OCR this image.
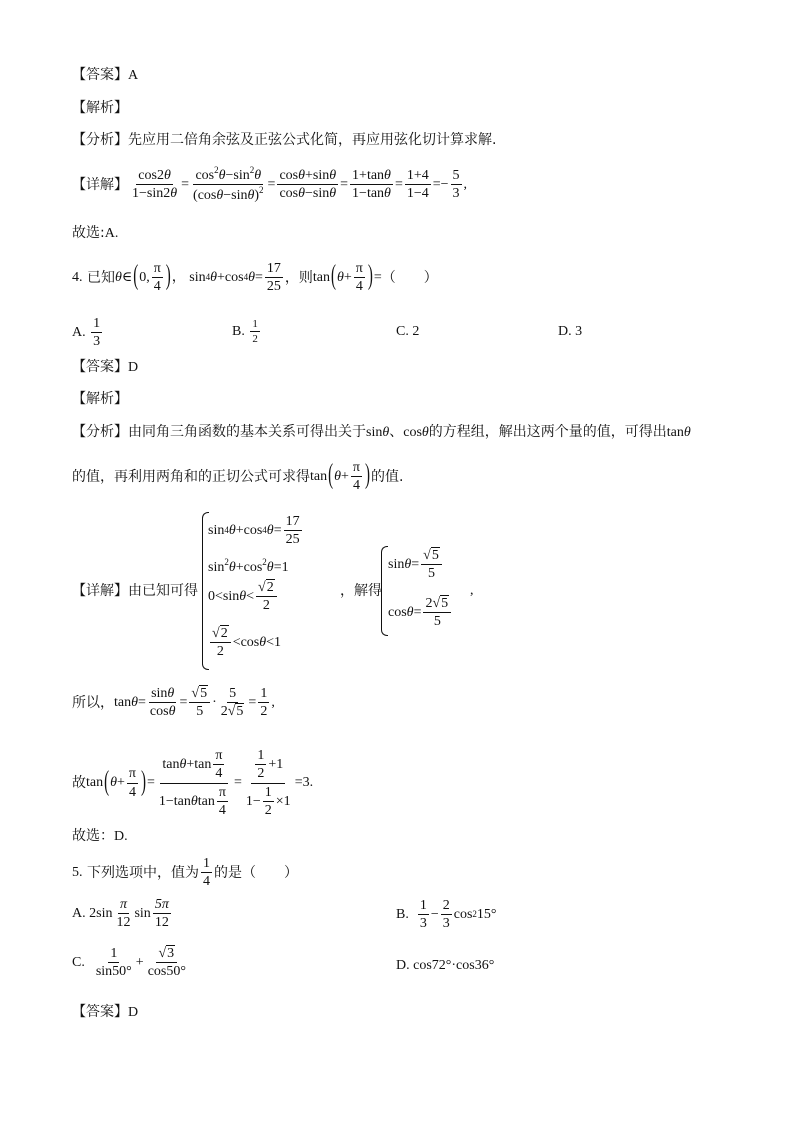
【答案】A
【解析】
【分析】先应用二倍角余弦及正弦公式化简，再应用弦化切计算求解.
【详解】 $\frac{\cos 2\theta}{1-\sin 2\theta} = \frac{\cos^2\theta-\sin^2\theta}{(\cos\theta-\sin\theta)^2} = \frac{\cos\theta+\sin\theta}{\cos\theta-\sin\theta} = \frac{1+\tan\theta}{1-\tan\theta} = \frac{1+4}{1-4} =- \frac{5}{3}$ ,
故选:A.
4.
已知 θ ∈ ( 0, $\frac{\pi}{4}$ ) ， sin 4 θ +cos 4 $\theta = \frac{17}{25}$ ，则 tan ( $\theta + \frac{\pi}{4}$ ) = （　　）
A.
$\frac{1}{3}$	B.
$\frac{1}{2}$	C. 2	D. 3
【答案】D
【解析】
【分析】由同角三角函数的基本关系可得出关于sinθ、cosθ的方程组，解出这两个量的值，可得出tanθ
的值，再利用两角和的正切公式可求得 tan ( $\theta + \frac{\pi}{4}$ ) 的值.
【详解】由已知可得
sin 4 θ +cos 4 $\theta = \frac{17}{25}$
$\sin^2\theta+\cos^2\theta=1$
0<sin $\theta < \frac{√2}{2}$
$\frac{√2}{2} <\cos$ θ <1
，解得
$\sin \theta = \frac{√5}{5}$
$\cos \theta = \frac{2√5}{5}$
,
所以， $\tan \theta = \frac{\sin\theta}{\cos\theta} = \frac{√5}{5} \cdot \frac{5}{2√5} = \frac{1}{2}$ ,
故 tan ( $\theta + \frac{\pi}{4}$ ) = $\frac{\tan \theta +\tan \frac{\pi}{4}}{1-\tan \theta \tan \frac{\pi}{4}} = \frac{\frac{1}{2} +1}{1- \frac{1}{2} \times 1} =3$.
故选：D.
5.
下列选项中，值为 $\frac{1}{4}$ 的是（　　）
A. $2\sin \frac{\pi}{12}$ $\sin \frac{5\pi}{12}$	B.
$\frac{1}{3} - \frac{2}{3}$ cos 2 15°
C.
$\frac{1}{\sin 50^\circ} + \frac{√3}{\cos 50^\circ}$	D. cos72°·cos36°
【答案】D
